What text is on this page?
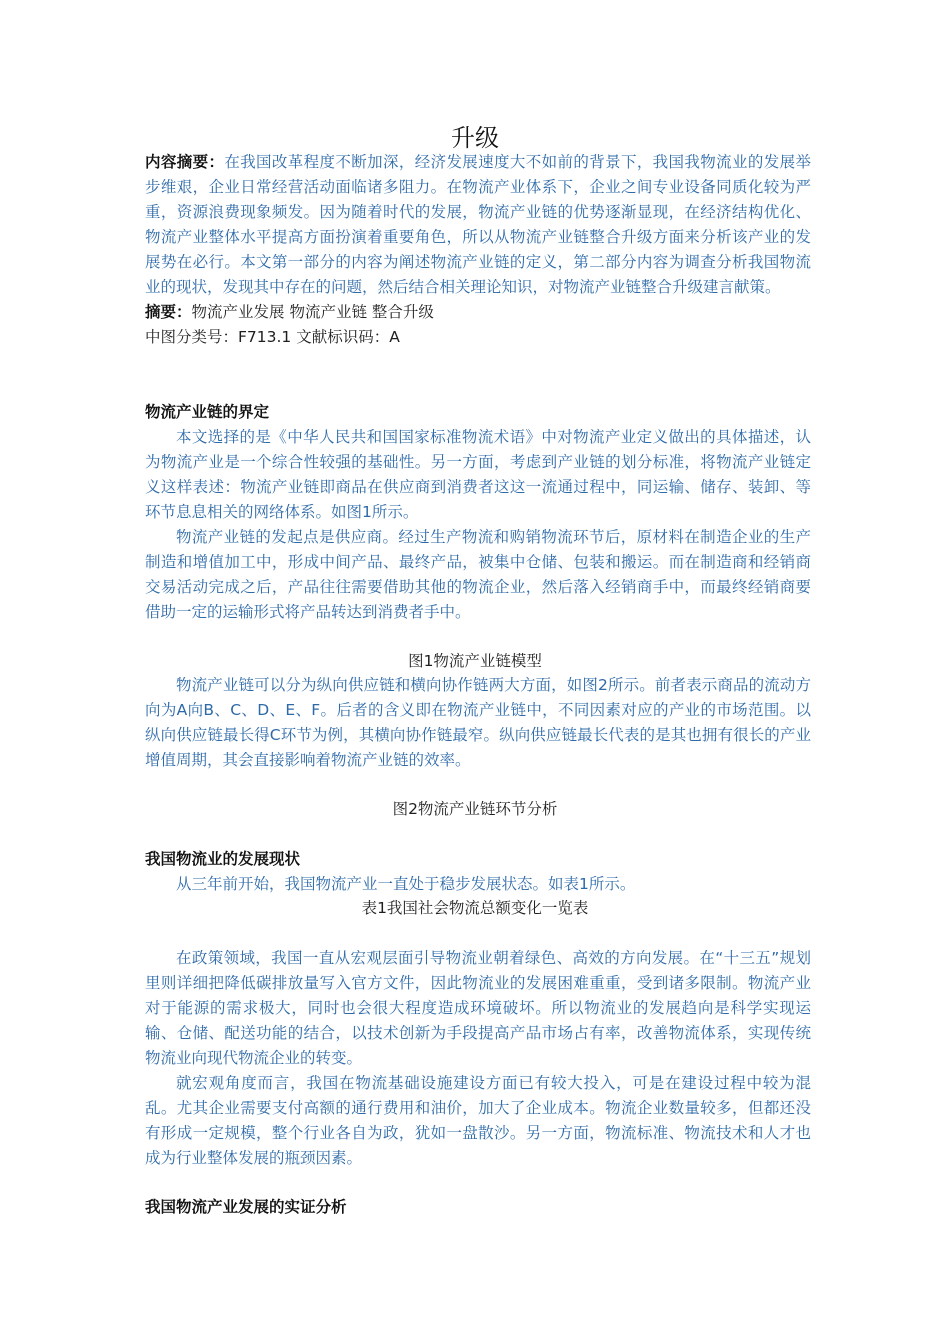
升级

内容摘要：在我国改革程度不断加深，经济发展速度大不如前的背景下，我国我物流业的发展举步维艰，企业日常经营活动面临诸多阻力。在物流产业体系下，企业之间专业设备同质化较为严重，资源浪费现象频发。因为随着时代的发展，物流产业链的优势逐渐显现，在经济结构优化、物流产业整体水平提高方面扮演着重要角色，所以从物流产业链整合升级方面来分析该产业的发展势在必行。本文第一部分的内容为阐述物流产业链的定义，第二部分内容为调查分析我国物流业的现状，发现其中存在的问题，然后结合相关理论知识，对物流产业链整合升级建言献策。

摘要：物流产业发展 物流产业链 整合升级

中图分类号：F713.1 文献标识码：A

物流产业链的界定

本文选择的是《中华人民共和国国家标准物流术语》中对物流产业定义做出的具体描述，认为物流产业是一个综合性较强的基础性。另一方面，考虑到产业链的划分标准，将物流产业链定义这样表述：物流产业链即商品在供应商到消费者这这一流通过程中，同运输、储存、装卸、等环节息息相关的网络体系。如图1所示。

物流产业链的发起点是供应商。经过生产物流和购销物流环节后，原材料在制造企业的生产制造和增值加工中，形成中间产品、最终产品，被集中仓储、包装和搬运。而在制造商和经销商交易活动完成之后，产品往往需要借助其他的物流企业，然后落入经销商手中，而最终经销商要借助一定的运输形式将产品转达到消费者手中。

图1物流产业链模型

物流产业链可以分为纵向供应链和横向协作链两大方面，如图2所示。前者表示商品的流动方向为A向B、C、D、E、F。后者的含义即在物流产业链中，不同因素对应的产业的市场范围。以纵向供应链最长得C环节为例，其横向协作链最窄。纵向供应链最长代表的是其也拥有很长的产业增值周期，其会直接影响着物流产业链的效率。

图2物流产业链环节分析

我国物流业的发展现状

从三年前开始，我国物流产业一直处于稳步发展状态。如表1所示。

表1我国社会物流总额变化一览表

在政策领域，我国一直从宏观层面引导物流业朝着绿色、高效的方向发展。在“十三五”规划里则详细把降低碳排放量写入官方文件，因此物流业的发展困难重重，受到诸多限制。物流产业对于能源的需求极大，同时也会很大程度造成环境破坏。所以物流业的发展趋向是科学实现运输、仓储、配送功能的结合，以技术创新为手段提高产品市场占有率，改善物流体系，实现传统物流业向现代物流企业的转变。

就宏观角度而言，我国在物流基础设施建设方面已有较大投入，可是在建设过程中较为混乱。尤其企业需要支付高额的通行费用和油价，加大了企业成本。物流企业数量较多，但都还没有形成一定规模，整个行业各自为政，犹如一盘散沙。另一方面，物流标准、物流技术和人才也成为行业整体发展的瓶颈因素。

我国物流产业发展的实证分析
